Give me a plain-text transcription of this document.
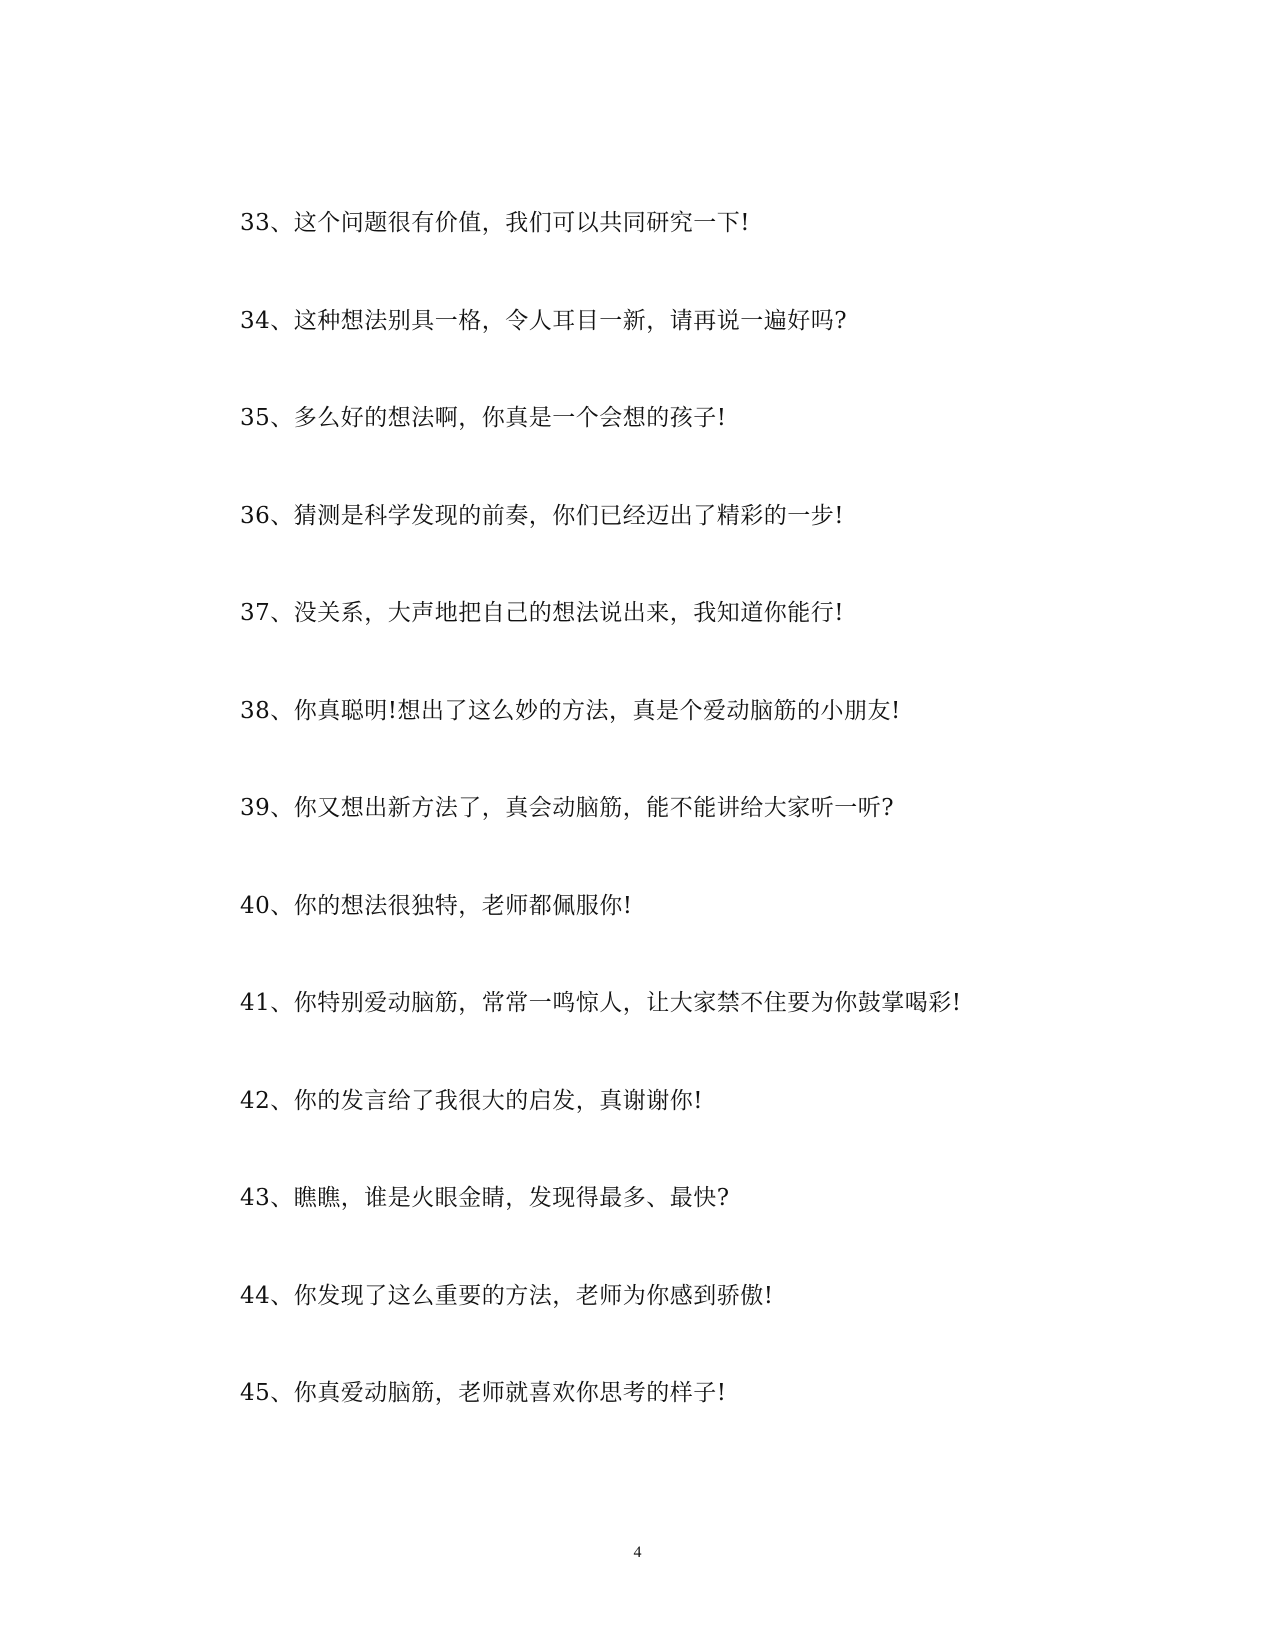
33、这个问题很有价值，我们可以共同研究一下!
34、这种想法别具一格，令人耳目一新，请再说一遍好吗?
35、多么好的想法啊，你真是一个会想的孩子!
36、猜测是科学发现的前奏，你们已经迈出了精彩的一步!
37、没关系，大声地把自己的想法说出来，我知道你能行!
38、你真聪明!想出了这么妙的方法，真是个爱动脑筋的小朋友!
39、你又想出新方法了，真会动脑筋，能不能讲给大家听一听?
40、你的想法很独特，老师都佩服你!
41、你特别爱动脑筋，常常一鸣惊人，让大家禁不住要为你鼓掌喝彩!
42、你的发言给了我很大的启发，真谢谢你!
43、瞧瞧，谁是火眼金睛，发现得最多、最快?
44、你发现了这么重要的方法，老师为你感到骄傲!
45、你真爱动脑筋，老师就喜欢你思考的样子!
4
